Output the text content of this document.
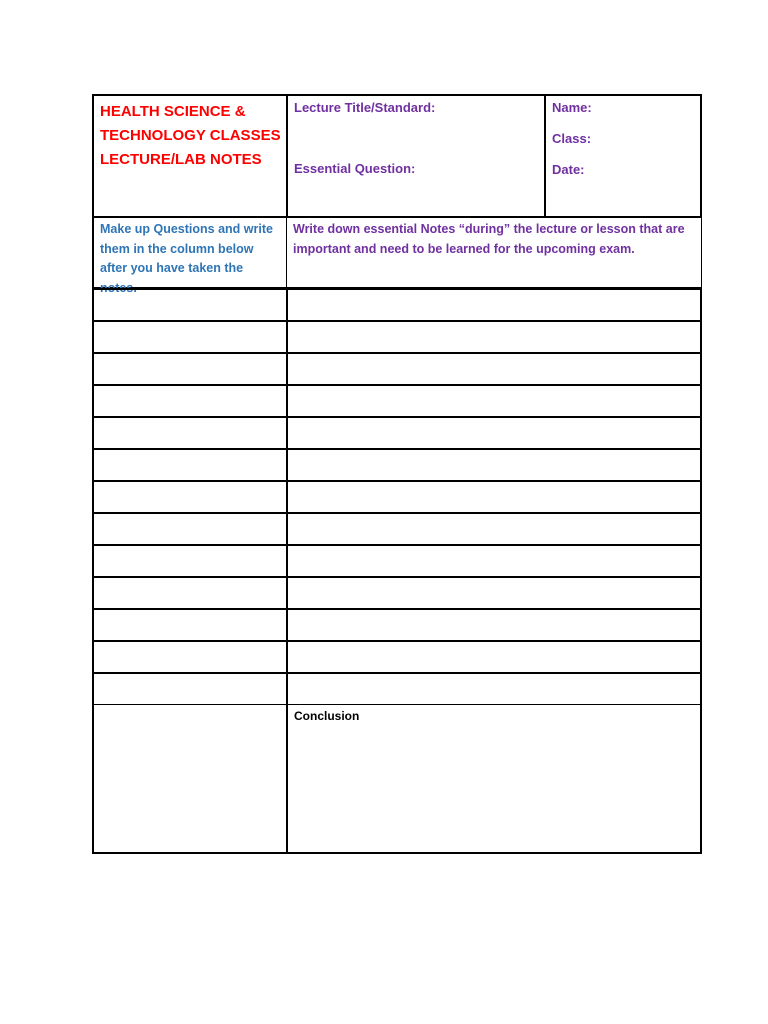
HEALTH SCIENCE &
TECHNOLOGY CLASSES
LECTURE/LAB NOTES
Lecture Title/Standard:
Essential Question:
Name:
Class:
Date:
Make up Questions and write
them in the column below
after you have taken the notes.
Write down essential Notes “during” the lecture or lesson that are
important and need to be learned for the upcoming exam.
Conclusion
